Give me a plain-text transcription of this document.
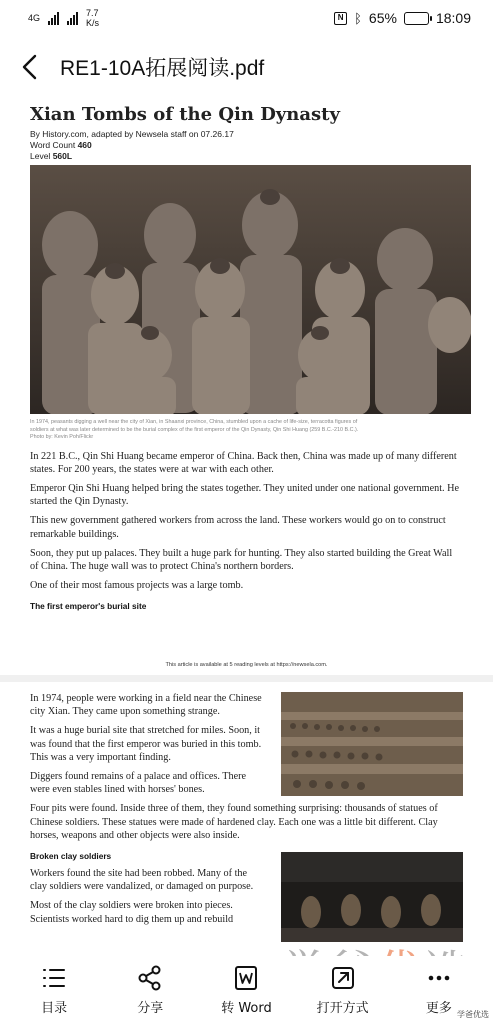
4G	7.7
K/s
N ᛒ 65%	18:09
RE1-10A拓展阅读.pdf
Xian Tombs of the Qin Dynasty
By History.com, adapted by Newsela staff on 07.26.17
Word Count 460
Level 560L
In 1974, peasants digging a well near the city of Xian, in Shaanxi province, China, stumbled upon a cache of life-size, terracotta figures of
soldiers at what was later determined to be the burial complex of the first emperor of the Qin Dynasty, Qin Shi Huang (259 B.C.-210 B.C.).
Photo by: Kevin Poh/Flickr

In 221 B.C., Qin Shi Huang became emperor of China. Back then, China was made up of many different states. For 200 years, the states were at war with each other.

Emperor Qin Shi Huang helped bring the states together. They united under one national government. He started the Qin Dynasty.

This new government gathered workers from across the land. These workers would go on to construct remarkable buildings.

Soon, they put up palaces. They built a huge park for hunting. They also started building the Great Wall of China. The huge wall was to protect China's northern borders.

One of their most famous projects was a large tomb.

The first emperor's burial site
This article is available at 5 reading levels at https://newsela.com.

In 1974, people were working in a field near the Chinese city Xian. They came upon something strange.

It was a huge burial site that stretched for miles. Soon, it was found that the first emperor was buried in this tomb. This was a very important finding.

Diggers found remains of a palace and offices. There were even stables lined with horses' bones.

Four pits were found. Inside three of them, they found something surprising: thousands of statues of Chinese soldiers. These statues were made of hardened clay. Each one was a little bit different. Clay horses, weapons and other objects were also inside.

Broken clay soldiers

Workers found the site had been robbed. Many of the clay soldiers were vandalized, or damaged on purpose.

Most of the clay soldiers were broken into pieces. Scientists worked hard to dig them up and rebuild

目录	分享	转 Word	打开方式	更多 学爸优选
